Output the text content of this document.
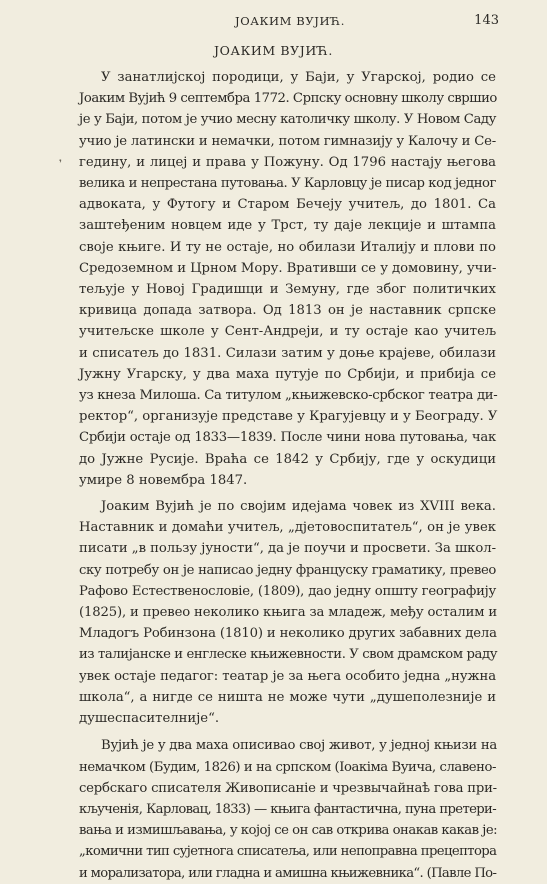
ЈОАКИМ ВУЈИЋ.	143
ЈОАКИМ ВУЈИЋ.
❜

У занатлијској породици, у Баји, у Угарској, родио се

Јоаким Вујић 9 септембра 1772. Српску основну школу свршио

је у Баји, потом је учио месну католичку школу. У Новом Саду

учио је латински и немачки, потом гимназију у Калочу и Се-

гедину, и лицеј и права у Пожуну. Од 1796 настају његова

велика и непрестана путовања. У Карловцу је писар код једног

адвоката, у Футогу и Старом Бечеју учитељ, до 1801. Са

заштеђеним новцем иде у Трст, ту даје лекције и штампа

своје књиге. И ту не остаје, но обилази Италију и плови по

Средоземном и Црном Мору. Вративши се у домовину, учи-

тељује у Новој Градишци и Земуну, где због политичких

кривица допада затвора. Од 1813 он је наставник српске

учитељске школе у Сент-Андреји, и ту остаје као учитељ

и списатељ до 1831. Силази затим у доње крајеве, обилази

Јужну Угарску, у два маха путује по Србији, и прибија се

уз кнеза Милоша. Са титулом „књижевско-србског театра ди-

ректор“, организује представе у Крагујевцу и у Београду. У

Србији остаје од 1833—1839. После чини нова путовања, чак

до Јужне Русије. Враћа се 1842 у Србију, где у оскудици

умире 8 новембра 1847.

Јоаким Вујић је по својим идејама човек из XVIII века.

Наставник и домаћи учитељ, „дјетовоспитатељ“, он је увек

писати „в пользу јуности“, да је поучи и просвети. За школ-

ску потребу он је написао једну француску граматику, превео

Рафово Естественословіе, (1809), дао једну општу географију

(1825), и превео неколико књига за младеж, међу осталим и

Младогъ Робинзона (1810) и неколико других забавних дела

из талијанске и енглеске књижевности. У свом драмском раду

увек остаје педагог: театар је за њега особито једна „нужна

школа“, а нигде се ништа не може чути „душеполезније и

душеспасителније“.

Вујић је у два маха описивао свој живот, у једној књизи на

немачком (Будим, 1826) и на српском (Іоакіма Вуича, славено-

сербскаго списателя Живописаніе и чрезвычайнаѣ гова при-

кљученія, Карловац, 1833) — књига фантастична, пуна претери-

вања и измишљавања, у којој се он сав открива онакав какав је:

„комични тип сујетнога списатеља, или непоправна прецептора

и морализатора, или гладна и амишна књижевника“. (Павле По-
